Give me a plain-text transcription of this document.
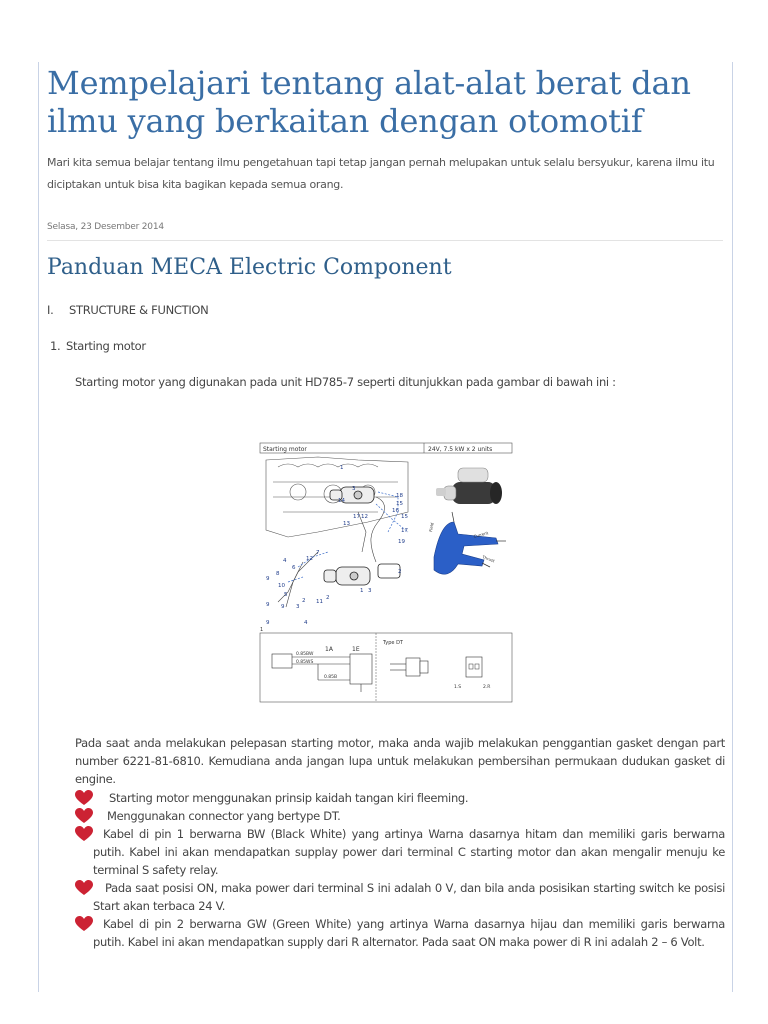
Mempelajari tentang alat-alat berat dan ilmu yang berkaitan dengan otomotif
Mari kita semua belajar tentang ilmu pengetahuan tapi tetap jangan pernah melupakan untuk selalu bersyukur, karena ilmu itu diciptakan untuk bisa kita bagikan kepada semua orang.
Selasa, 23 Desember 2014
Panduan MECA Electric Component
I. STRUCTURE & FUNCTION
1. Starting motor
Starting motor yang digunakan pada unit HD785-7 seperti ditunjukkan pada gambar di bawah ini :
Starting motor	24V, 7.5 kW x 2 units
1
3
17
18
15
16
15
14
12
13
17
19
2
1 3
7
12
4
6
9
8
10
5
3
2 11
2
9
9	4
9
Field
Current
Thrust
1
1A	1E
0.85BW
0.85WS
0.85B
Type DT
1.S	2.R
Pada saat anda melakukan pelepasan starting motor, maka anda wajib melakukan penggantian gasket dengan part number 6221-81-6810. Kemudiana anda jangan lupa untuk melakukan pembersihan permukaan dudukan gasket di engine.
Starting motor menggunakan prinsip kaidah tangan kiri fleeming.
Menggunakan connector yang bertype DT.
Kabel di pin 1 berwarna BW (Black White) yang artinya Warna dasarnya hitam dan memiliki garis berwarna putih. Kabel ini akan mendapatkan supplay power dari terminal C starting motor dan akan mengalir menuju ke terminal S safety relay.
Pada saat posisi ON, maka power dari terminal S ini adalah 0 V, dan bila anda posisikan starting switch ke posisi Start akan terbaca 24 V.
Kabel di pin 2 berwarna GW (Green White) yang artinya Warna dasarnya hijau dan memiliki garis berwarna putih. Kabel ini akan mendapatkan supply dari R alternator. Pada saat ON maka power di R ini adalah 2 – 6 Volt.
